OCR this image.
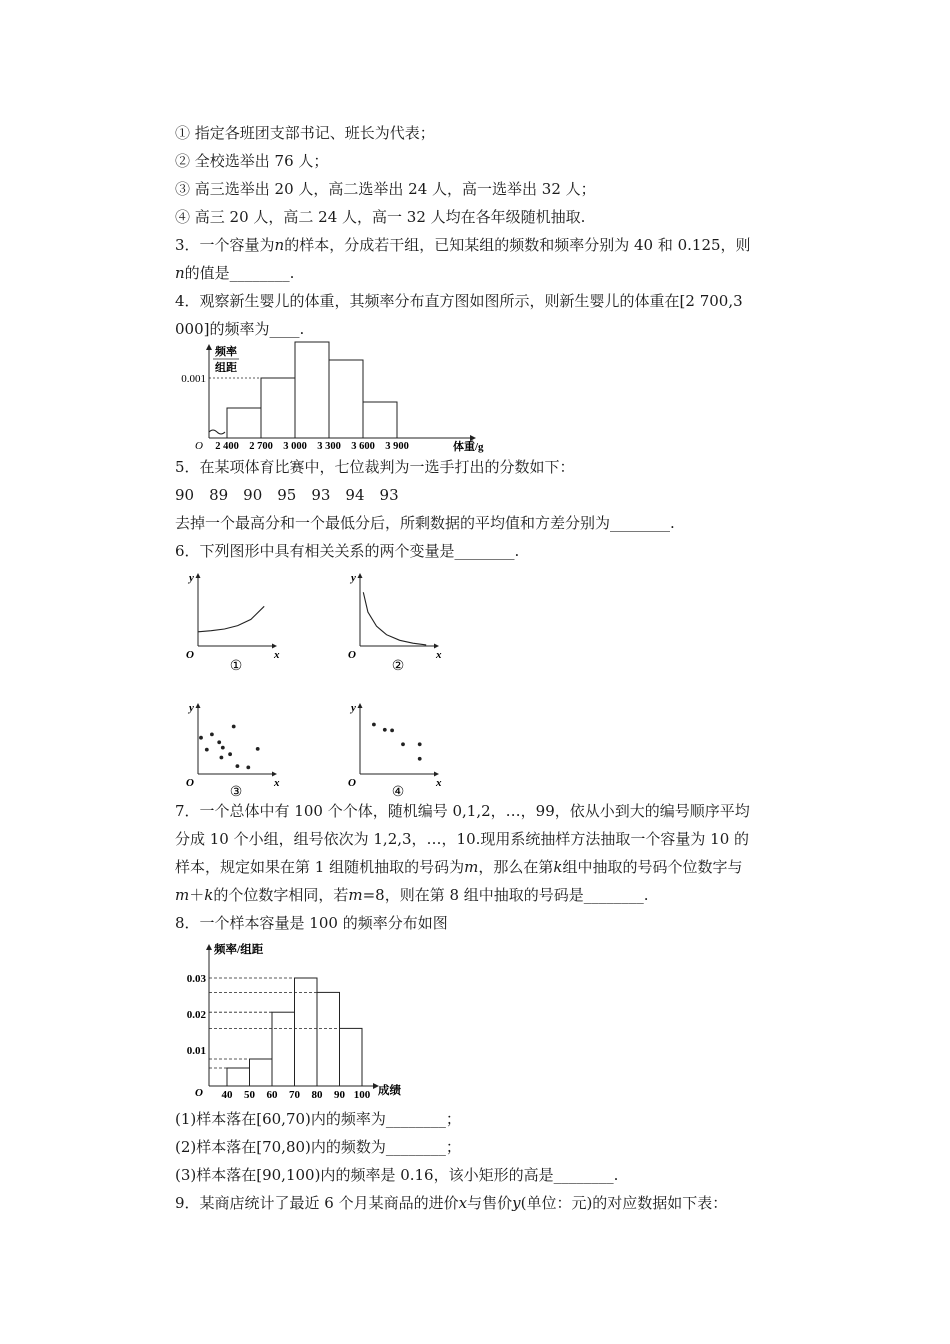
① 指定各班团支部书记、班长为代表；
② 全校选举出 76 人；
③ 高三选举出 20 人，高二选举出 24 人，高一选举出 32 人；
④ 高三 20 人，高二 24 人，高一 32 人均在各年级随机抽取.
3．一个容量为n的样本，分成若干组，已知某组的频数和频率分别为 40 和 0.125，则
n的值是________.
4．观察新生婴儿的体重，其频率分布直方图如图所示，则新生婴儿的体重在[2 700,3
000]的频率为____.
频率
组距
O
0.001
2 400 2 700 3 000 3 300 3 600 3 900	体重/g
5．在某项体育比赛中，七位裁判为一选手打出的分数如下：
90　89　90　95　93　94　93
去掉一个最高分和一个最低分后，所剩数据的平均值和方差分别为________.
6．下列图形中具有相关关系的两个变量是________.
y
x
O
①
y
x
O
②
y
x
O
③
y
x
O
④
7．一个总体中有 100 个个体，随机编号 0,1,2，…，99，依从小到大的编号顺序平均
分成 10 个小组，组号依次为 1,2,3，…，10.现用系统抽样方法抽取一个容量为 10 的
样本，规定如果在第 1 组随机抽取的号码为m，那么在第k组中抽取的号码个位数字与
m＋k的个位数字相同，若m=8，则在第 8 组中抽取的号码是________.
8．一个样本容量是 100 的频率分布如图
频率/组距
O
0.01
0.02
0.03
40 50 60 70 80 90 100 成绩
(1)样本落在[60,70)内的频率为________；
(2)样本落在[70,80)内的频数为________；
(3)样本落在[90,100)内的频率是 0.16，该小矩形的高是________.
9．某商店统计了最近 6 个月某商品的进价x与售价y(单位：元)的对应数据如下表：
